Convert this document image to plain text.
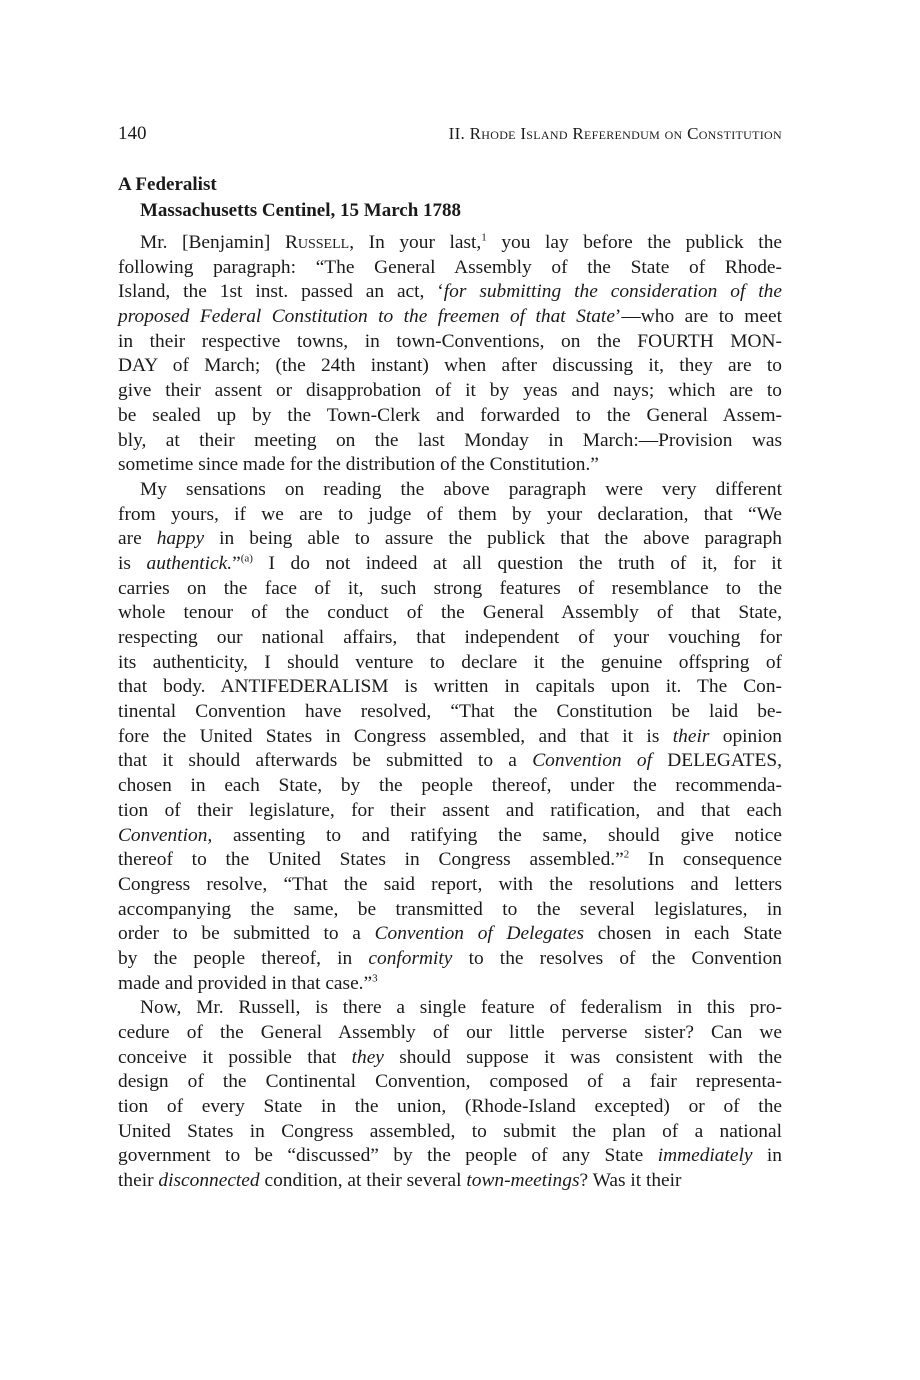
140	II. Rhode Island Referendum on Constitution
A Federalist
Massachusetts Centinel, 15 March 1788
Mr. [Benjamin] Russell, In your last,$^1$ you lay before the publick the
following paragraph: “The General Assembly of the State of Rhode-
Island, the 1st inst. passed an act, ‘for submitting the consideration of the
proposed Federal Constitution to the freemen of that State’—who are to meet
in their respective towns, in town-Conventions, on the FOURTH MON-
DAY of March; (the 24th instant) when after discussing it, they are to
give their assent or disapprobation of it by yeas and nays; which are to
be sealed up by the Town-Clerk and forwarded to the General Assem-
bly, at their meeting on the last Monday in March:—Provision was
sometime since made for the distribution of the Constitution.”
My sensations on reading the above paragraph were very different
from yours, if we are to judge of them by your declaration, that “We
are happy in being able to assure the publick that the above paragraph
is authentick.”$^{(a)}$ I do not indeed at all question the truth of it, for it
carries on the face of it, such strong features of resemblance to the
whole tenour of the conduct of the General Assembly of that State,
respecting our national affairs, that independent of your vouching for
its authenticity, I should venture to declare it the genuine offspring of
that body. ANTIFEDERALISM is written in capitals upon it. The Con-
tinental Convention have resolved, “That the Constitution be laid be-
fore the United States in Congress assembled, and that it is their opinion
that it should afterwards be submitted to a Convention of DELEGATES,
chosen in each State, by the people thereof, under the recommenda-
tion of their legislature, for their assent and ratification, and that each
Convention, assenting to and ratifying the same, should give notice
thereof to the United States in Congress assembled.”$^2$ In consequence
Congress resolve, “That the said report, with the resolutions and letters
accompanying the same, be transmitted to the several legislatures, in
order to be submitted to a Convention of Delegates chosen in each State
by the people thereof, in conformity to the resolves of the Convention
made and provided in that case.”$^3$
Now, Mr. Russell, is there a single feature of federalism in this pro-
cedure of the General Assembly of our little perverse sister? Can we
conceive it possible that they should suppose it was consistent with the
design of the Continental Convention, composed of a fair representa-
tion of every State in the union, (Rhode-Island excepted) or of the
United States in Congress assembled, to submit the plan of a national
government to be “discussed” by the people of any State immediately in
their disconnected condition, at their several town-meetings? Was it their
